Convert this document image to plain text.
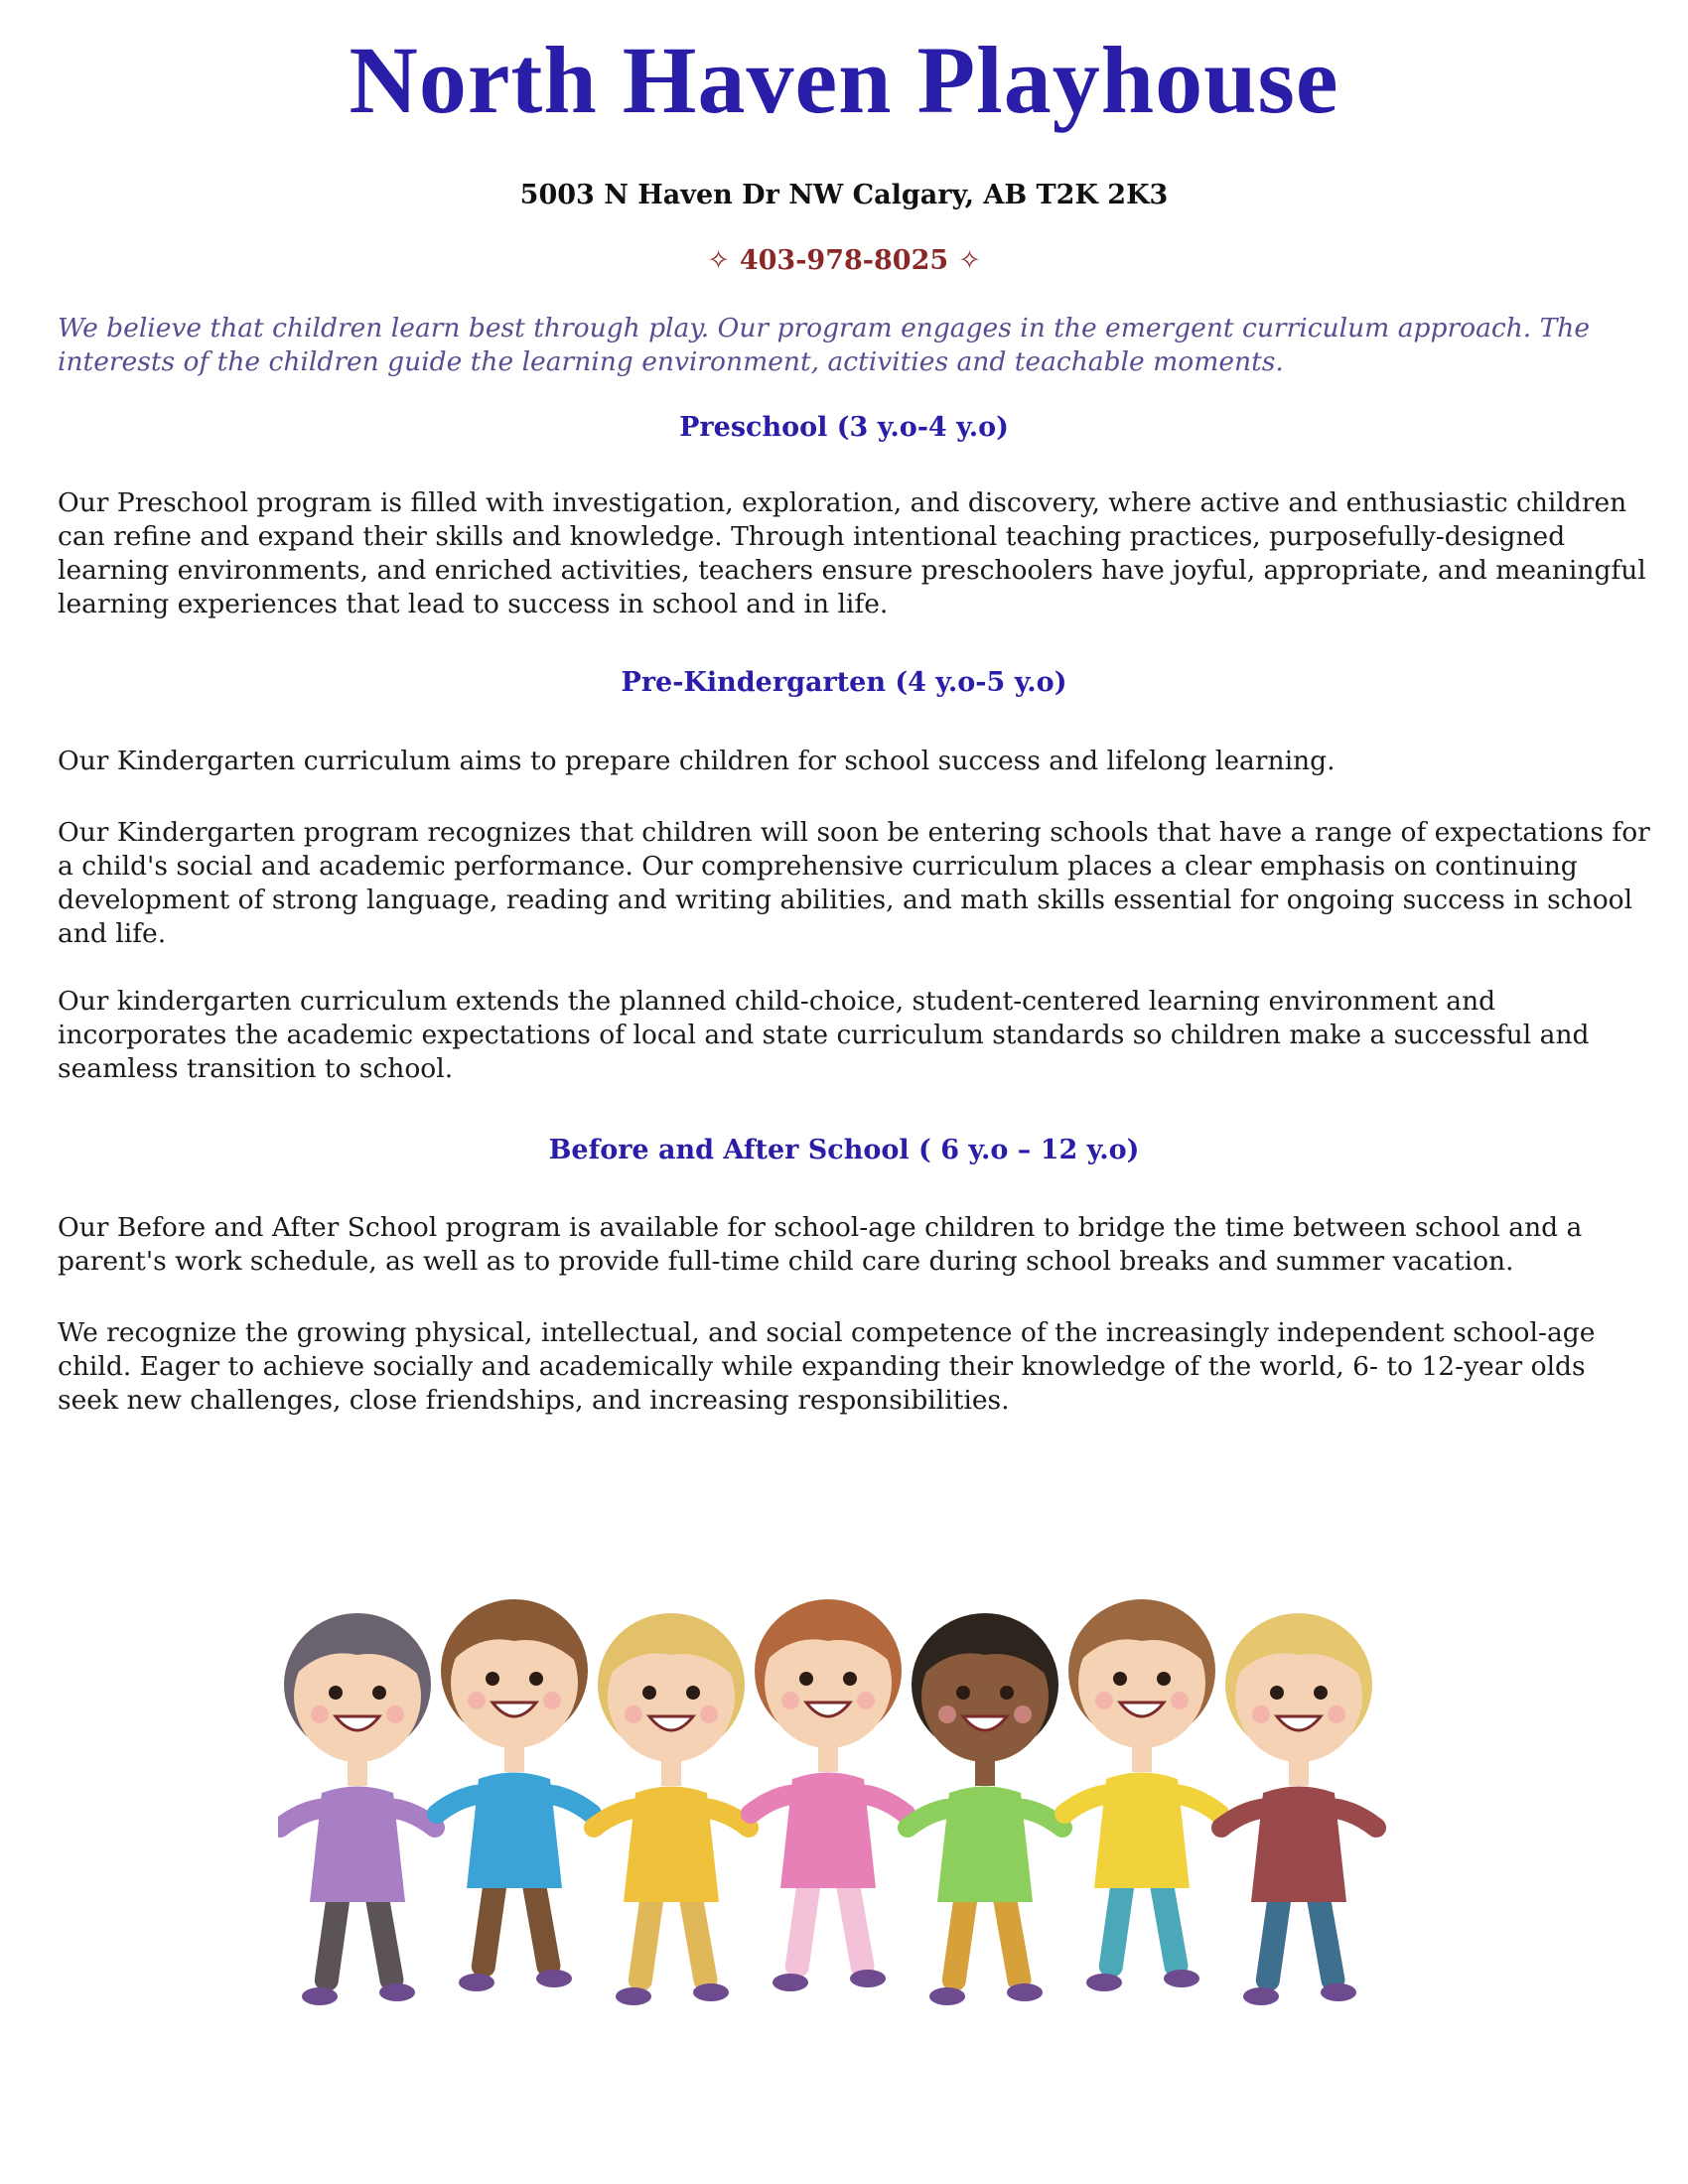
North Haven Playhouse

5003 N Haven Dr NW Calgary, AB T2K 2K3

✧ 403-978-8025 ✧

We believe that children learn best through play. Our program engages in the emergent curriculum approach. The interests of the children guide the learning environment, activities and teachable moments.

Preschool (3 y.o-4 y.o)

Our Preschool program is filled with investigation, exploration, and discovery, where active and enthusiastic children can refine and expand their skills and knowledge. Through intentional teaching practices, purposefully-designed learning environments, and enriched activities, teachers ensure preschoolers have joyful, appropriate, and meaningful learning experiences that lead to success in school and in life.

Pre-Kindergarten (4 y.o-5 y.o)

Our Kindergarten curriculum aims to prepare children for school success and lifelong learning.

Our Kindergarten program recognizes that children will soon be entering schools that have a range of expectations for a child's social and academic performance. Our comprehensive curriculum places a clear emphasis on continuing development of strong language, reading and writing abilities, and math skills essential for ongoing success in school and life.

Our kindergarten curriculum extends the planned child-choice, student-centered learning environment and incorporates the academic expectations of local and state curriculum standards so children make a successful and seamless transition to school.

Before and After School ( 6 y.o – 12 y.o)

Our Before and After School program is available for school-age children to bridge the time between school and a parent's work schedule, as well as to provide full-time child care during school breaks and summer vacation.

We recognize the growing physical, intellectual, and social competence of the increasingly independent school-age child. Eager to achieve socially and academically while expanding their knowledge of the world, 6- to 12-year olds seek new challenges, close friendships, and increasing responsibilities.
